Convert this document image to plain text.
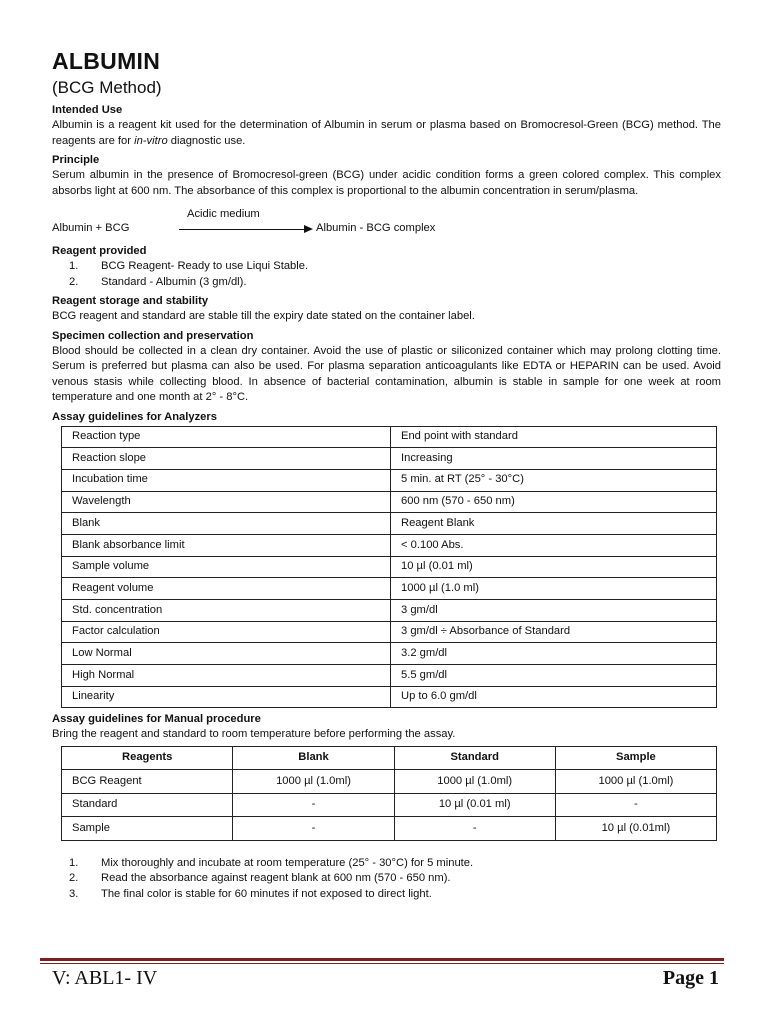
ALBUMIN
(BCG Method)
Intended Use
Albumin is a reagent kit used for the determination of Albumin in serum or plasma based on Bromocresol-Green (BCG) method. The reagents are for in-vitro diagnostic use.
Principle
Serum albumin in the presence of Bromocresol-green (BCG) under acidic condition forms a green colored complex. This complex absorbs light at 600 nm. The absorbance of this complex is proportional to the albumin concentration in serum/plasma.
Acidic medium
Albumin + BCG	Albumin - BCG complex
Reagent provided
1.	BCG Reagent- Ready to use Liqui Stable.
2.	Standard - Albumin (3 gm/dl).
Reagent storage and stability
BCG reagent and standard are stable till the expiry date stated on the container label.
Specimen collection and preservation
Blood should be collected in a clean dry container. Avoid the use of plastic or siliconized container which may prolong clotting time. Serum is preferred but plasma can also be used. For plasma separation anticoagulants like EDTA or HEPARIN can be used. Avoid venous stasis while collecting blood. In absence of bacterial contamination, albumin is stable in sample for one week at room temperature and one month at 2° - 8°C.
Assay guidelines for Analyzers
Reaction type	End point with standard
Reaction slope	Increasing
Incubation time	5 min. at RT (25° - 30°C)
Wavelength	600 nm (570 - 650 nm)
Blank	Reagent Blank
Blank absorbance limit	< 0.100 Abs.
Sample volume	10 µl (0.01 ml)
Reagent volume	1000 µl (1.0 ml)
Std. concentration	3 gm/dl
Factor calculation	3 gm/dl ÷ Absorbance of Standard
Low Normal	3.2 gm/dl
High Normal	5.5 gm/dl
Linearity	Up to 6.0 gm/dl
Assay guidelines for Manual procedure
Bring the reagent and standard to room temperature before performing the assay.
Reagents	Blank	Standard	Sample
BCG Reagent	1000 µl (1.0ml)	1000 µl (1.0ml)	1000 µl (1.0ml)
Standard	-	10 µl (0.01 ml)	-
Sample	-	-	10 µl (0.01ml)
1.	Mix thoroughly and incubate at room temperature (25° - 30°C) for 5 minute.
2.	Read the absorbance against reagent blank at 600 nm (570 - 650 nm).
3.	The final color is stable for 60 minutes if not exposed to direct light.
V: ABL1- IV	Page 1
